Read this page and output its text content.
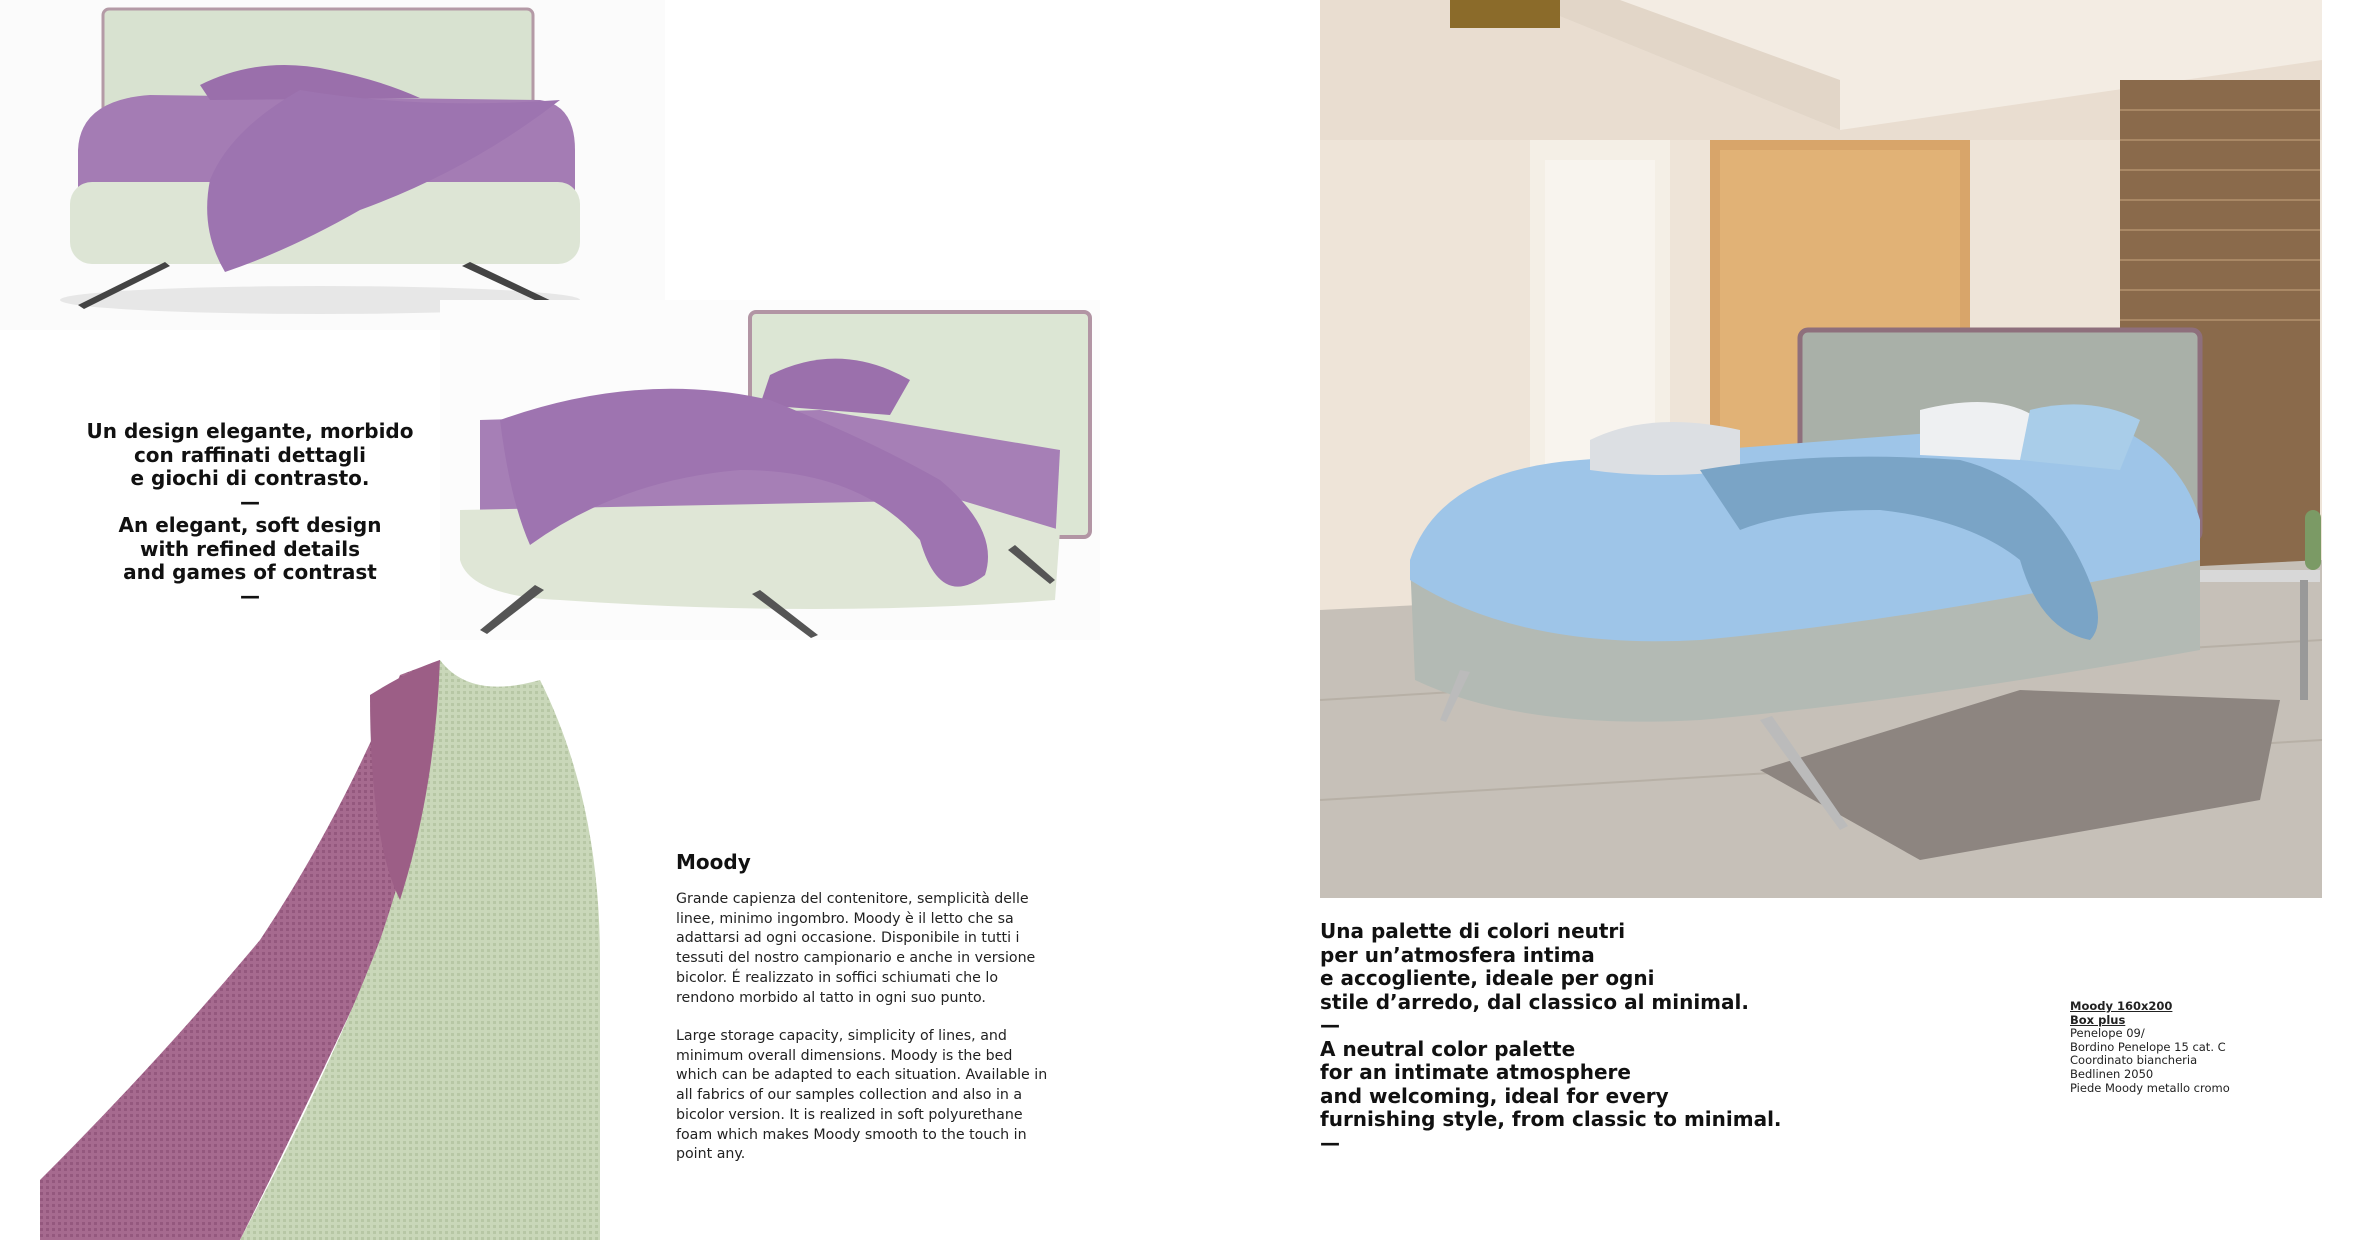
Un design elegante, morbido
con raffinati dettagli
e giochi di contrasto.
—
An elegant, soft design
with refined details
and games of contrast
—
Moody
Grande capienza del contenitore, semplicità delle
linee, minimo ingombro. Moody è il letto che sa
adattarsi ad ogni occasione. Disponibile in tutti i
tessuti del nostro campionario e anche in versione
bicolor. É realizzato in soffici schiumati che lo
rendono morbido al tatto in ogni suo punto.
Large storage capacity, simplicity of lines, and
minimum overall dimensions. Moody is the bed
which can be adapted to each situation. Available in
all fabrics of our samples collection and also in a
bicolor version. It is realized in soft polyurethane
foam which makes Moody smooth to the touch in
point any.
Una palette di colori neutri
per un’atmosfera intima
e accogliente, ideale per ogni
stile d’arredo, dal classico al minimal.
—
A neutral color palette
for an intimate atmosphere
and welcoming, ideal for every
furnishing style, from classic to minimal.
—
Moody 160x200
Box plus
Penelope 09/
Bordino Penelope 15 cat. C
Coordinato biancheria
Bedlinen 2050
Piede Moody metallo cromo
